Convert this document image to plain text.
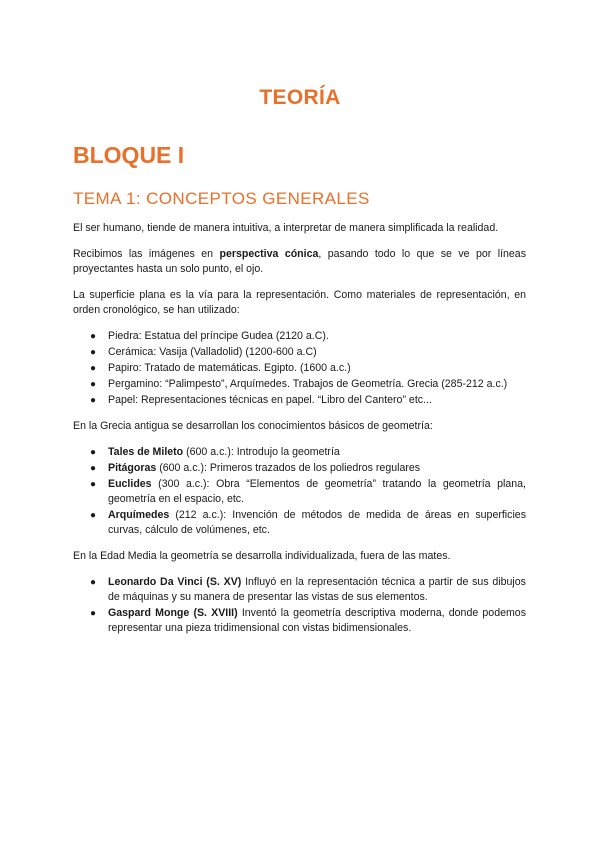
TEORÍA
BLOQUE I
TEMA 1: CONCEPTOS GENERALES

El ser humano, tiende de manera intuitiva, a interpretar de manera simplificada la realidad.

Recibimos las imágenes en perspectiva cónica, pasando todo lo que se ve por líneas proyectantes hasta un solo punto, el ojo.

La superficie plana es la vía para la representación. Como materiales de representación, en orden cronológico, se han utilizado:

● Piedra: Estatua del príncipe Gudea (2120 a.C).
● Cerámica: Vasija (Valladolid) (1200-600 a.C)
● Papiro: Tratado de matemáticas. Egipto. (1600 a.c.)
● Pergamino: “Palimpesto”, Arquímedes. Trabajos de Geometría. Grecia (285-212 a.c.)
● Papel: Representaciones técnicas en papel. “Libro del Cantero” etc...

En la Grecia antigua se desarrollan los conocimientos básicos de geometría:

● Tales de Mileto (600 a.c.): Introdujo la geometría
● Pitágoras (600 a.c.): Primeros trazados de los poliedros regulares
● Euclides (300 a.c.): Obra “Elementos de geometría” tratando la geometría plana, geometría en el espacio, etc.
● Arquímedes (212 a.c.): Invención de métodos de medida de áreas en superficies curvas, cálculo de volúmenes, etc.

En la Edad Media la geometría se desarrolla individualizada, fuera de las mates.

● Leonardo Da Vinci (S. XV) Influyó en la representación técnica a partir de sus dibujos de máquinas y su manera de presentar las vistas de sus elementos.
● Gaspard Monge (S. XVIII) Inventó la geometría descriptiva moderna, donde podemos representar una pieza tridimensional con vistas bidimensionales.
